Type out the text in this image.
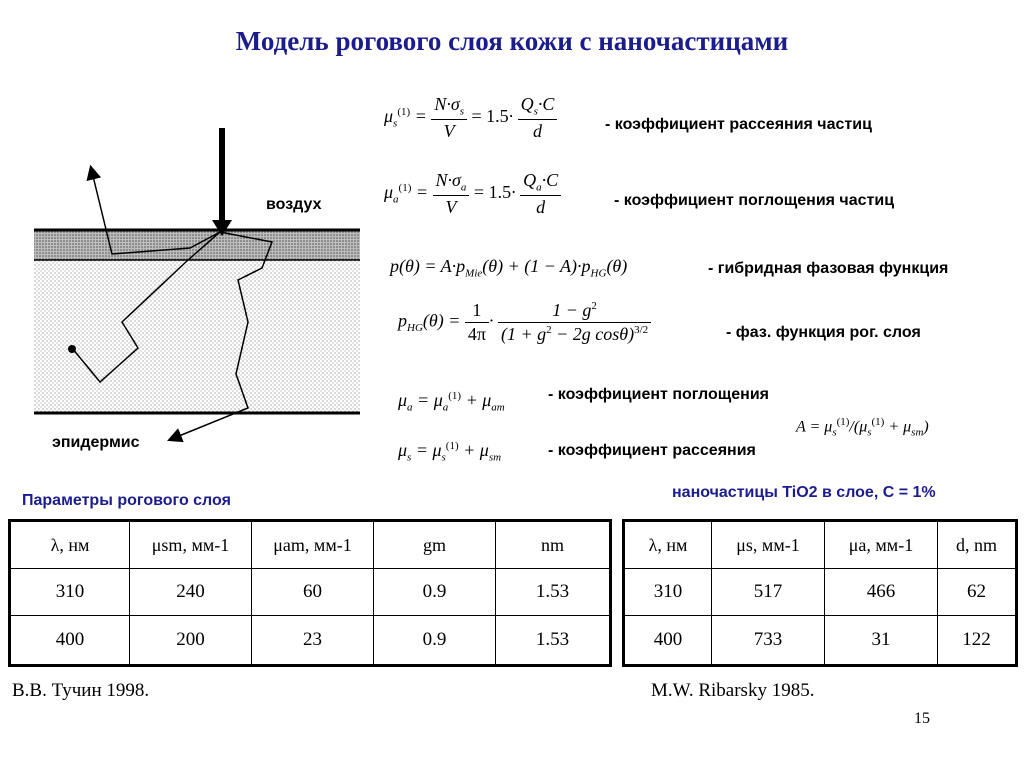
Модель рогового слоя кожи с наночастицами
воздух
эпидермис
$\mu_s^{(1)} = \frac{N\cdot\sigma_s}{V} = 1.5\cdot \frac{Q_s\cdot C}{d}$	- коэффициент рассеяния частиц
$\mu_a^{(1)} = \frac{N\cdot\sigma_a}{V} = 1.5\cdot \frac{Q_a\cdot C}{d}$	- коэффициент поглощения частиц
$p(\theta) = A\cdot p_{Mie}(\theta) + (1 - A)\cdot p_{HG}(\theta)$	- гибридная фазовая функция
$p_{HG}(\theta) = \frac{1}{4\pi} \cdot \frac{1 - g^2}{(1 + g^2 - 2g \cos\theta)^{3/2}}$	- фаз. функция рог. слоя
$\mu_a = \mu_a^{(1)} + \mu_{am}$
- коэффициент поглощения
$A = \mu_s^{(1)}/(\mu_s^{(1)} + \mu_{sm})$
$\mu_s = \mu_s^{(1)} + \mu_{sm}$	- коэффициент рассеяния
Параметры рогового слоя	наночастицы TiO2 в слое, C = 1%
λ, нм	μsm, мм-1	μam, мм-1	gm	nm
310	240	60	0.9	1.53
400	200	23	0.9	1.53
λ, нм	μs, мм-1	μa, мм-1	d, nm
310	517	466	62
400	733	31	122
В.В. Тучин 1998.	M.W. Ribarsky 1985.
15
